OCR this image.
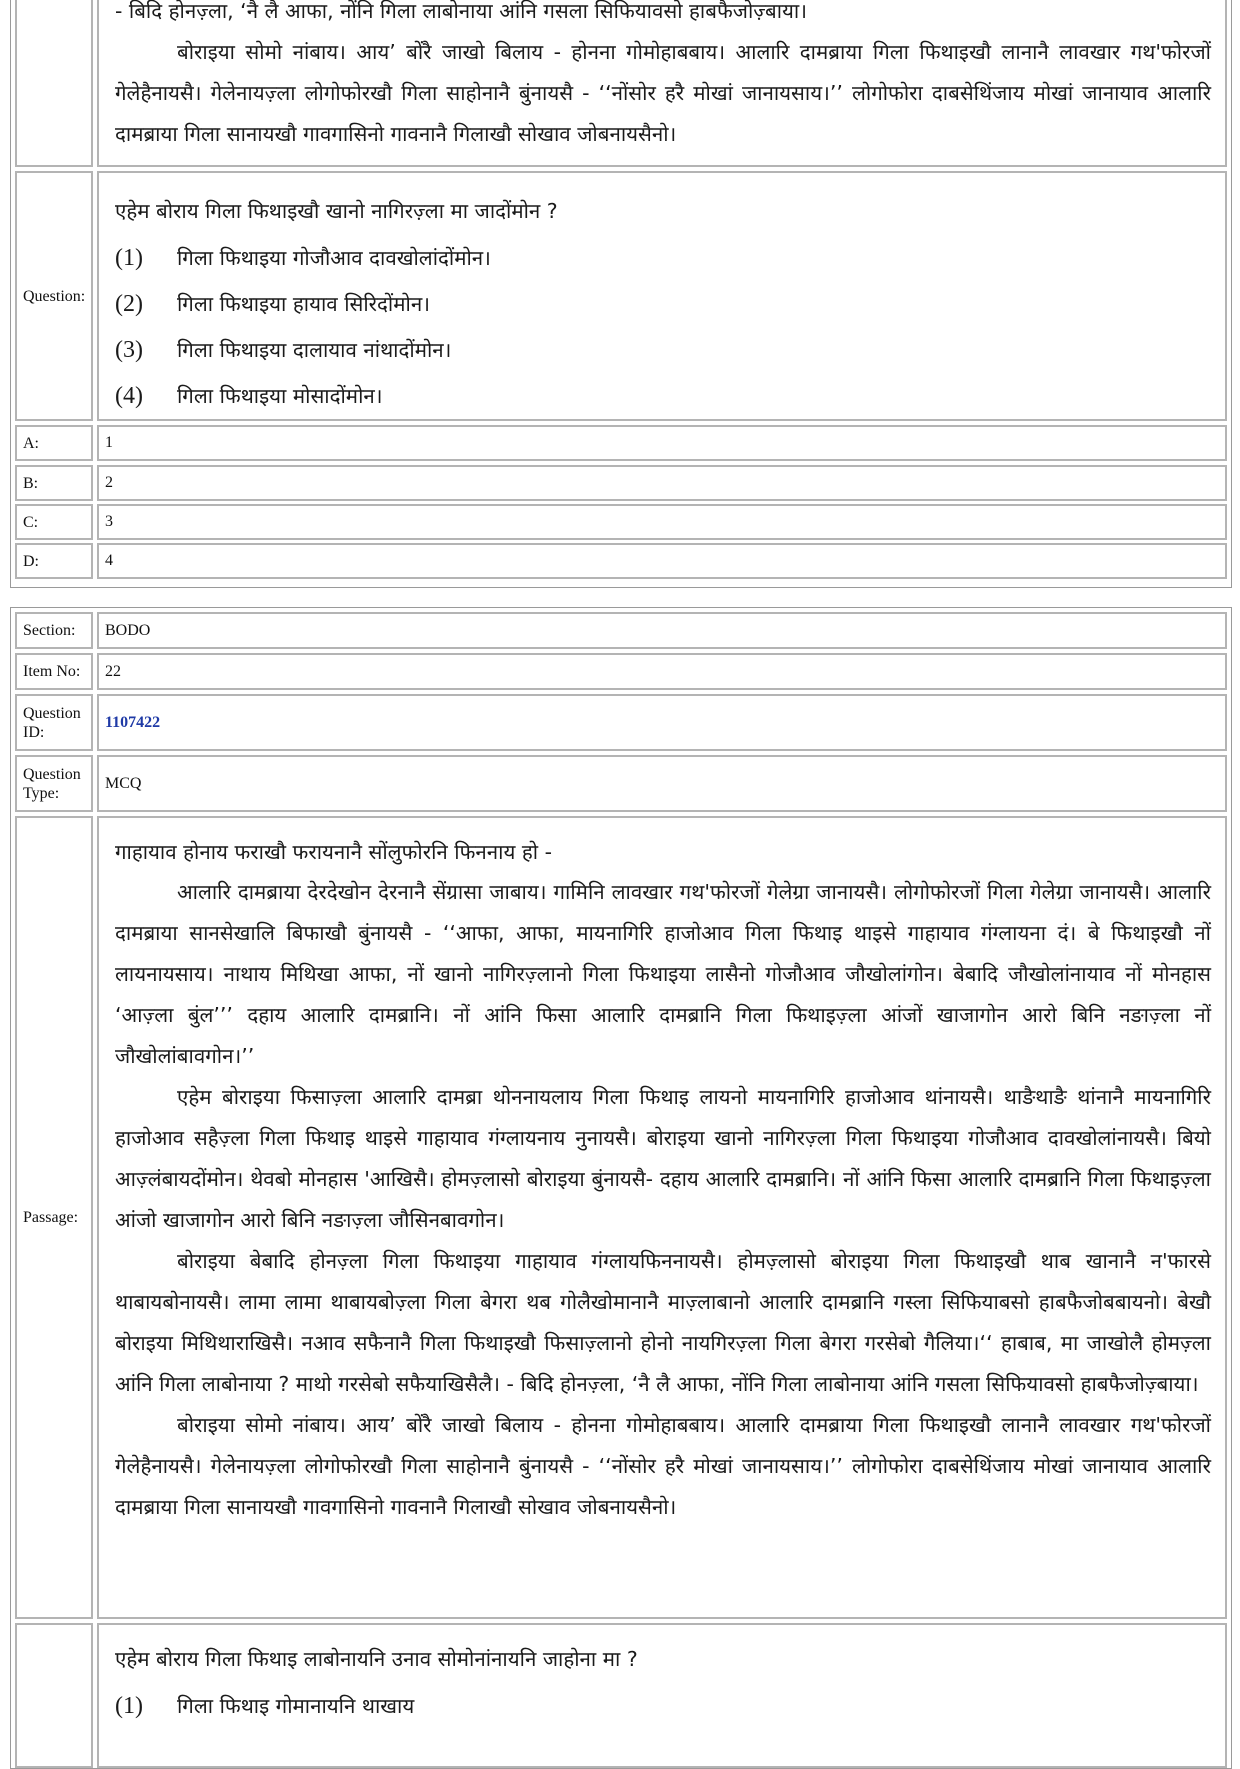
- बिदि होनज़्ला, ‘नै लै आफा, नोंनि गिला लाबोनाया आंनि गसला सिफियावसो हाबफैजोज़्बाया।

बोराइया सोमो नांबाय। आय’ बोंरै जाखो बिलाय - होनना गोमोहाबबाय। आलारि दामब्राया गिला फिथाइखौ लानानै लावखार गथ'फोरजों गेलेहैनायसै। गेलेनायज़्ला लोगोफोरखौ गिला साहोनानै बुंनायसै - ‘‘नोंसोर हरै मोखां जानायसाय।’’ लोगोफोरा दाबसेथिंजाय मोखां जानायाव आलारि दामब्राया गिला सानायखौ गावगासिनो गावनानै गिलाखौ सोखाव जोबनायसैनो।

Question:

एहेम बोराय गिला फिथाइखौ खानो नागिरज़्ला मा जादोंमोन ?

(1)	गिला फिथाइया गोजौआव दावखोलांदोंमोन।

(2)	गिला फिथाइया हायाव सिरिदोंमोन।

(3)	गिला फिथाइया दालायाव नांथादोंमोन।

(4)	गिला फिथाइया मोसादोंमोन।

A:	1
B:	2
C:	3
D:	4
Section:	BODO
Item No:	22
Question ID:
1107422
Question Type:
MCQ
Passage:

गाहायाव होनाय फराखौ फरायनानै सोंलुफोरनि फिननाय हो -

आलारि दामब्राया देरदेखोन देरनानै सेंग्रासा जाबाय। गामिनि लावखार गथ'फोरजों गेलेग्रा जानायसै। लोगोफोरजों गिला गेलेग्रा जानायसै। आलारि दामब्राया सानसेखालि बिफाखौ बुंनायसै - ‘‘आफा, आफा, मायनागिरि हाजोआव गिला फिथाइ थाइसे गाहायाव गंग्लायना दं। बे फिथाइखौ नों लायनायसाय। नाथाय मिथिखा आफा, नों खानो नागिरज़्लानो गिला फिथाइया लासैनो गोजौआव जौखोलांगोन। बेबादि जौखोलांनायाव नों मोनहास ‘आज़्ला बुंल’’’ दहाय आलारि दामब्रानि। नों आंनि फिसा आलारि दामब्रानि गिला फिथाइज़्ला आंजों खाजागोन आरो बिनि नङाज़्ला नों जौखोलांबावगोन।’’

एहेम बोराइया फिसाज़्ला आलारि दामब्रा थोननायलाय गिला फिथाइ लायनो मायनागिरि हाजोआव थांनायसै। थाङैथाङै थांनानै मायनागिरि हाजोआव सहैज़्ला गिला फिथाइ थाइसे गाहायाव गंग्लायनाय नुनायसै। बोराइया खानो नागिरज़्ला गिला फिथाइया गोजौआव दावखोलांनायसै। बियो आज़्लंबायदोंमोन। थेवबो मोनहास 'आखिसै। होमज़्लासो बोराइया बुंनायसै- दहाय आलारि दामब्रानि। नों आंनि फिसा आलारि दामब्रानि गिला फिथाइज़्ला आंजो खाजागोन आरो बिनि नङाज़्ला जौसिनबावगोन।

बोराइया बेबादि होनज़्ला गिला फिथाइया गाहायाव गंग्लायफिननायसै। होमज़्लासो बोराइया गिला फिथाइखौ थाब खानानै न'फारसे थाबायबोनायसै। लामा लामा थाबायबोज़्ला गिला बेगरा थब गोलैखोमानानै माज़्लाबानो आलारि दामब्रानि गस्ला सिफियाबसो हाबफैजोबबायनो। बेखौ बोराइया मिथिथाराखिसै। नआव सफैनानै गिला फिथाइखौ फिसाज़्लानो होनो नायगिरज़्ला गिला बेगरा गरसेबो गैलिया।‘‘ हाबाब, मा जाखोलै होमज़्ला आंनि गिला लाबोनाया ? माथो गरसेबो सफैयाखिसैलै। - बिदि होनज़्ला, ‘नै लै आफा, नोंनि गिला लाबोनाया आंनि गसला सिफियावसो हाबफैजोज़्बाया।

बोराइया सोमो नांबाय। आय’ बोंरै जाखो बिलाय - होनना गोमोहाबबाय। आलारि दामब्राया गिला फिथाइखौ लानानै लावखार गथ'फोरजों गेलेहैनायसै। गेलेनायज़्ला लोगोफोरखौ गिला साहोनानै बुंनायसै - ‘‘नोंसोर हरै मोखां जानायसाय।’’ लोगोफोरा दाबसेथिंजाय मोखां जानायाव आलारि दामब्राया गिला सानायखौ गावगासिनो गावनानै गिलाखौ सोखाव जोबनायसैनो।

एहेम बोराय गिला फिथाइ लाबोनायनि उनाव सोमोनांनायनि जाहोना मा ?

(1)	गिला फिथाइ गोमानायनि थाखाय
